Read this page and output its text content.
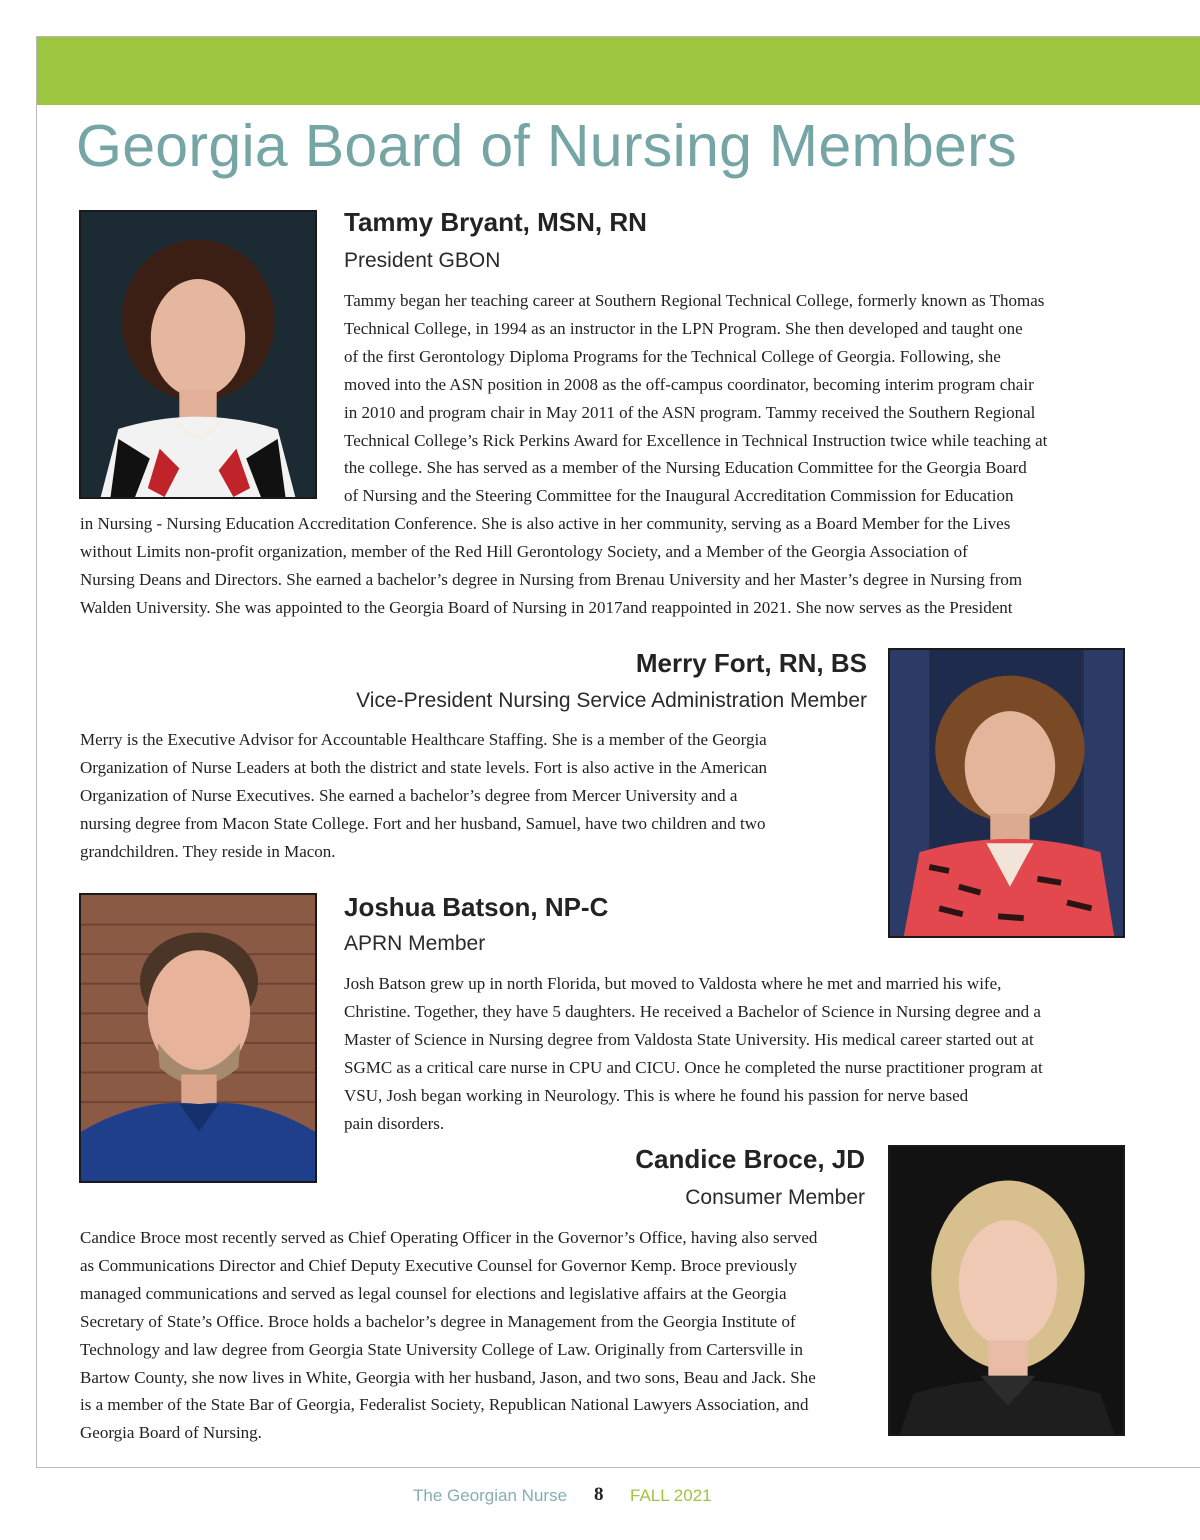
Georgia Board of Nursing Members
Tammy Bryant, MSN, RN
President GBON
Tammy began her teaching career at Southern Regional Technical College, formerly known as Thomas
Technical College, in 1994 as an instructor in the LPN Program. She then developed and taught one
of the first Gerontology Diploma Programs for the Technical College of Georgia. Following, she
moved into the ASN position in 2008 as the off-campus coordinator, becoming interim program chair
in 2010 and program chair in May 2011 of the ASN program. Tammy received the Southern Regional
Technical College’s Rick Perkins Award for Excellence in Technical Instruction twice while teaching at
the college. She has served as a member of the Nursing Education Committee for the Georgia Board
of Nursing and the Steering Committee for the Inaugural Accreditation Commission for Education
in Nursing - Nursing Education Accreditation Conference. She is also active in her community, serving as a Board Member for the Lives
without Limits non-profit organization, member of the Red Hill Gerontology Society, and a Member of the Georgia Association of
Nursing Deans and Directors. She earned a bachelor’s degree in Nursing from Brenau University and her Master’s degree in Nursing from
Walden University. She was appointed to the Georgia Board of Nursing in 2017and reappointed in 2021. She now serves as the President
Merry Fort, RN, BS
Vice-President Nursing Service Administration Member
Merry is the Executive Advisor for Accountable Healthcare Staffing. She is a member of the Georgia
Organization of Nurse Leaders at both the district and state levels. Fort is also active in the American
Organization of Nurse Executives. She earned a bachelor’s degree from Mercer University and a
nursing degree from Macon State College. Fort and her husband, Samuel, have two children and two
grandchildren. They reside in Macon.
Joshua Batson, NP-C
APRN Member
Josh Batson grew up in north Florida, but moved to Valdosta where he met and married his wife,
Christine. Together, they have 5 daughters. He received a Bachelor of Science in Nursing degree and a
Master of Science in Nursing degree from Valdosta State University. His medical career started out at
SGMC as a critical care nurse in CPU and CICU. Once he completed the nurse practitioner program at
VSU, Josh began working in Neurology. This is where he found his passion for nerve based
pain disorders.
Candice Broce, JD
Consumer Member
Candice Broce most recently served as Chief Operating Officer in the Governor’s Office, having also served
as Communications Director and Chief Deputy Executive Counsel for Governor Kemp. Broce previously
managed communications and served as legal counsel for elections and legislative affairs at the Georgia
Secretary of State’s Office. Broce holds a bachelor’s degree in Management from the Georgia Institute of
Technology and law degree from Georgia State University College of Law. Originally from Cartersville in
Bartow County, she now lives in White, Georgia with her husband, Jason, and two sons, Beau and Jack. She
is a member of the State Bar of Georgia, Federalist Society, Republican National Lawyers Association, and
Georgia Board of Nursing.
The Georgian Nurse 8 FALL 2021
